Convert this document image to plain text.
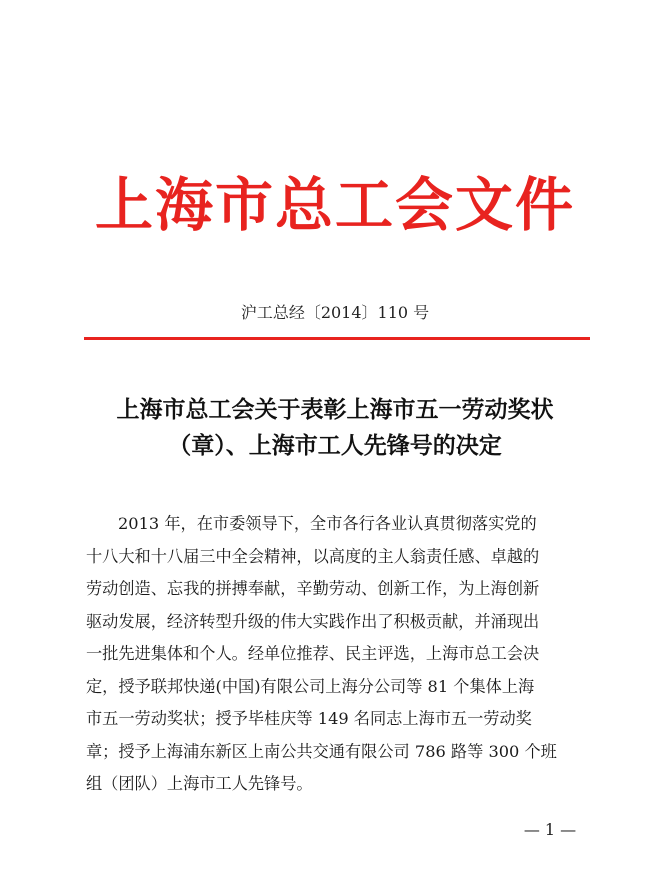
上海市总工会文件
沪工总经〔2014〕110 号
上海市总工会关于表彰上海市五一劳动奖状
（章）、上海市工人先锋号的决定
2013 年，在市委领导下，全市各行各业认真贯彻落实党的
十八大和十八届三中全会精神，以高度的主人翁责任感、卓越的
劳动创造、忘我的拼搏奉献，辛勤劳动、创新工作，为上海创新
驱动发展，经济转型升级的伟大实践作出了积极贡献，并涌现出
一批先进集体和个人。经单位推荐、民主评选，上海市总工会决
定，授予联邦快递(中国)有限公司上海分公司等 81 个集体上海
市五一劳动奖状；授予毕桂庆等 149 名同志上海市五一劳动奖
章；授予上海浦东新区上南公共交通有限公司 786 路等 300 个班
组（团队）上海市工人先锋号。
— 1 —
